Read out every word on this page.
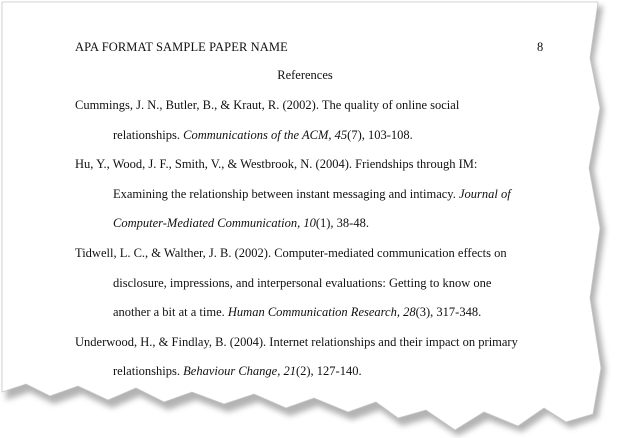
APA FORMAT SAMPLE PAPER NAME	8
References
Cummings, J. N., Butler, B., & Kraut, R. (2002). The quality of online social
relationships. Communications of the ACM, 45(7), 103-108.
Hu, Y., Wood, J. F., Smith, V., & Westbrook, N. (2004). Friendships through IM:
Examining the relationship between instant messaging and intimacy. Journal of
Computer-Mediated Communication, 10(1), 38-48.
Tidwell, L. C., & Walther, J. B. (2002). Computer-mediated communication effects on
disclosure, impressions, and interpersonal evaluations: Getting to know one
another a bit at a time. Human Communication Research, 28(3), 317-348.
Underwood, H., & Findlay, B. (2004). Internet relationships and their impact on primary
relationships. Behaviour Change, 21(2), 127-140.
